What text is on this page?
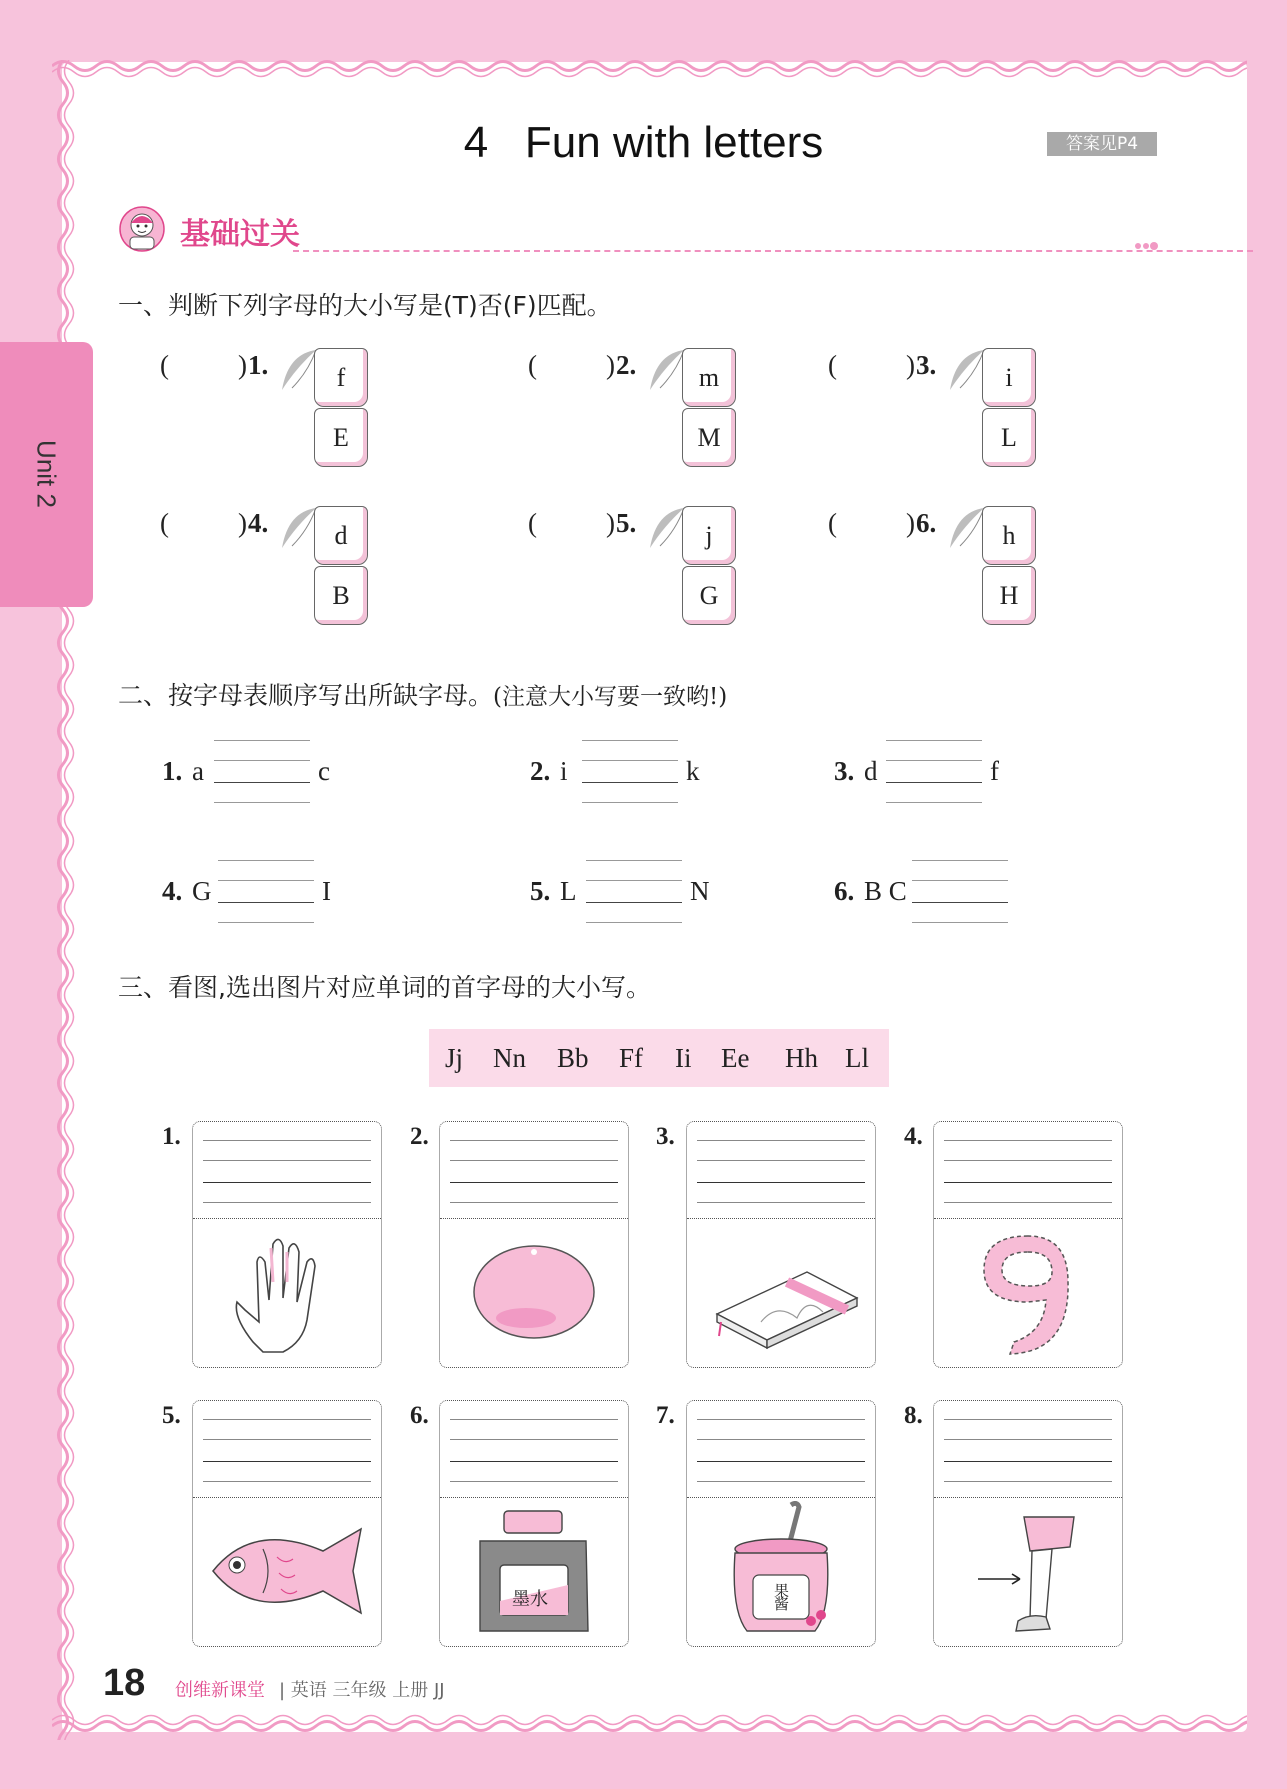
Unit 2
4   Fun with letters	答案见P4
基础过关
一、判断下列字母的大小写是(T)否(F)匹配。
(	) 1.	f
E
(	) 2.	m
M
(	) 3.	i
L
(	) 4.	d
B
(	) 5.	j
G
(	) 6.	h
H
二、按字母表顺序写出所缺字母。(注意大小写要一致哟!)
1. a	c	2. i	k	3. d	f
4. G	I	5. L	N	6. B C
三、看图,选出图片对应单词的首字母的大小写。
Jj Nn Bb Ff Ii Ee Hh Ll
1.	2.	3.	4.
5.	6.
墨水
7.
果酱
8.
18 创维新课堂 | 英语 三年级 上册 JJ
